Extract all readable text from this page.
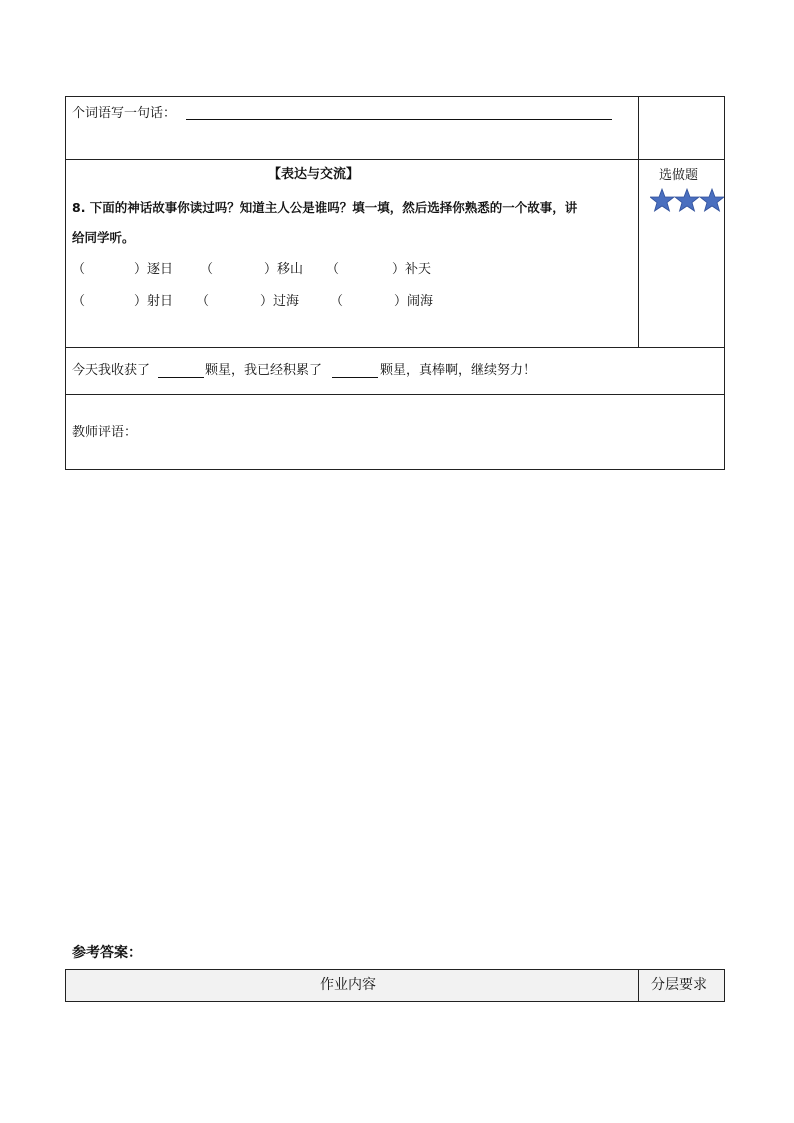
个词语写一句话：
【表达与交流】
8. 下面的神话故事你读过吗？知道主人公是谁吗？填一填，然后选择你熟悉的一个故事，讲
给同学听。
（	）逐日 （	）移山 （	）补天
（	）射日 （	）过海 （	）闹海
选做题
今天我收获了	颗星，我已经积累了	颗星，真棒啊，继续努力！
教师评语：
参考答案：
作业内容	分层要求
